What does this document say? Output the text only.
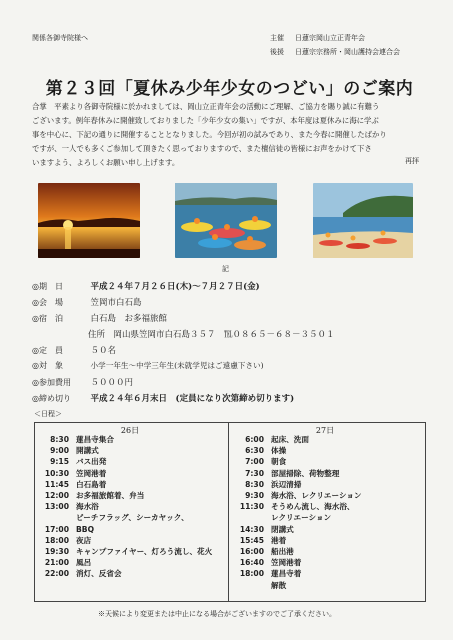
関係各御寺院様へ	主催 日蓮宗岡山立正青年会
後援 日蓮宗宗務所・岡山護持会連合会
第２３回「夏休み少年少女のつどい」のご案内
合掌　平素より各御寺院様に於かれましては、岡山立正青年会の活動にご理解、ご協力を賜り誠に有難う
ございます。例年春休みに開催致しておりました「少年少女の集い」ですが、本年度は夏休みに海に学ぶ
事を中心に、下記の通りに開催することとなりました。今回が初の試みであり、また今春に開催したばかり
ですが、一人でも多くご参加して頂きたく思っておりますので、また檀信徒の皆様にお声をかけて下さ
いますよう、よろしくお願い申し上げます。	再拝
記
◎期　日	平成２４年７月２６日(木)〜７月２７日(金)
◎会　場	笠岡市白石島
◎宿　泊	白石島　お多福旅館
住所　岡山県笠岡市白石島３５７　℡０８６５－６８－３５０１
◎定　員	５０名
◎対　象	小学一年生〜中学三年生(未就学児はご遠慮下さい)
◎参加費用 ５０００円
◎締め切り 平成２４年６月末日　(定員になり次第締め切ります)
＜日程＞
26日
8:30 蓮昌寺集合
9:00 開講式
9:15 バス出発
10:30 笠岡港着
11:45 白石島着
12:00 お多福旅館着、弁当
13:00 海水浴
ビーチフラッグ、シーカヤック、
17:00 BBQ
18:00 夜店
19:30 キャンプファイヤー、灯ろう流し、花火
21:00 風呂
22:00 消灯、反省会
27日
6:00 起床、洗面
6:30 体操
7:00 朝食
7:30 部屋掃除、荷物整理
8:30 浜辺清掃
9:30 海水浴、レクリエーション
11:30 そうめん流し、海水浴、
レクリエーション
14:30 閉講式
15:45 港着
16:00 船出港
16:40 笠岡港着
18:00 蓮昌寺着
解散
※天候により変更または中止になる場合がございますのでご了承ください。
